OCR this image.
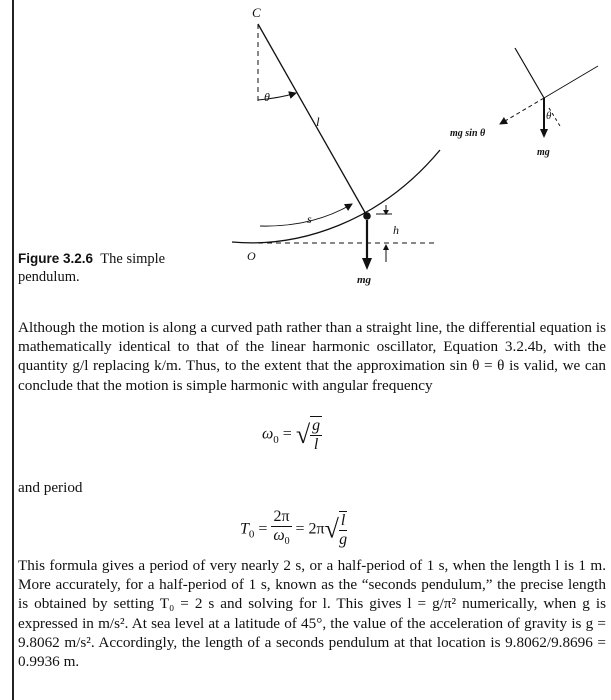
C
θ
l
s
h
O
mg
θ
mg
mg sin θ
Figure 3.2.6 The simple pendulum.

Although the motion is along a curved path rather than a straight line, the differential equation is mathematically identical to that of the linear harmonic oscillator, Equation 3.2.4b, with the quantity g/l replacing k/m. Thus, to the extent that the approximation sin θ = θ is valid, we can conclude that the motion is simple harmonic with angular frequency

$\omega_0$ = √ $\frac{g}{l}$

and period

$T_0 = \frac{2\pi}{\omega_0} = 2\pi√ \frac{l}{g}$

This formula gives a period of very nearly 2 s, or a half-period of 1 s, when the length l is 1 m. More accurately, for a half-period of 1 s, known as the “seconds pendulum,” the precise length is obtained by setting T₀ = 2 s and solving for l. This gives l = g/π² numerically, when g is expressed in m/s². At sea level at a latitude of 45°, the value of the acceleration of gravity is g = 9.8062 m/s². Accordingly, the length of a seconds pendulum at that location is 9.8062/9.8696 = 0.9936 m.
